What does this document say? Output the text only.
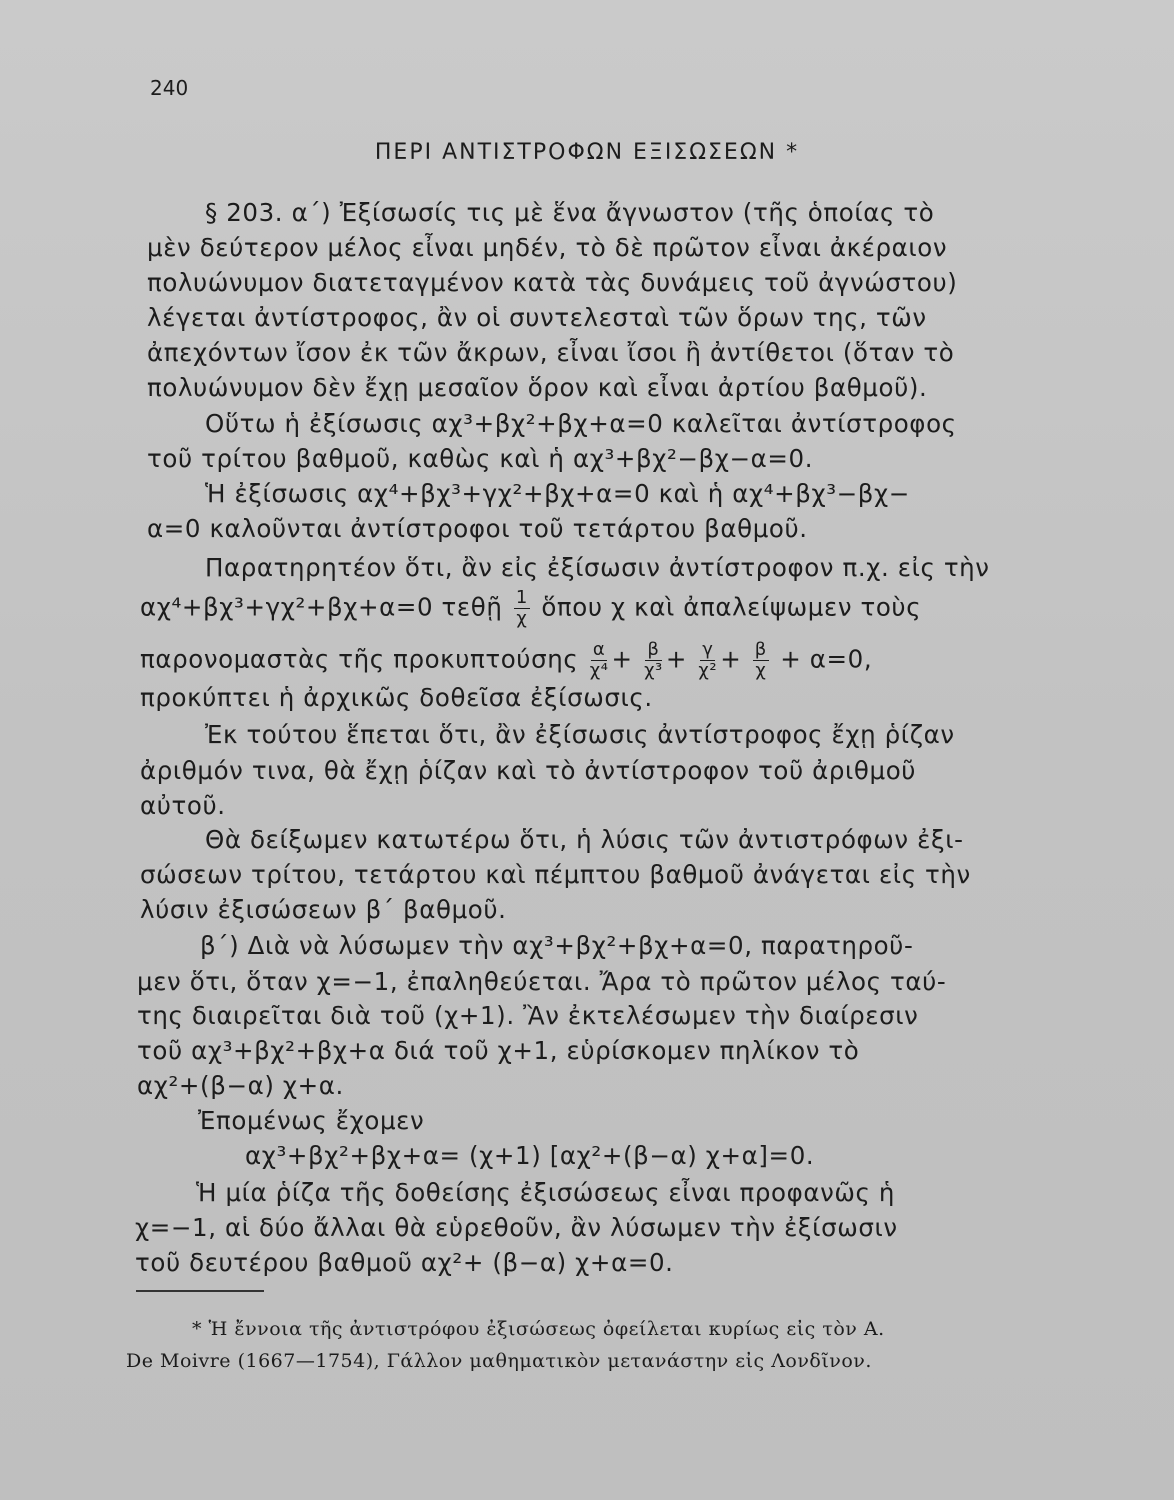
240
ΠΕΡΙ ΑΝΤΙΣΤΡΟΦΩΝ ΕΞΙΣΩΣΕΩΝ *
§ 203. α΄) Ἐξίσωσίς τις μὲ ἕνα ἄγνωστον (τῆς ὁποίας τὸ
μὲν δεύτερον μέλος εἶναι μηδέν, τὸ δὲ πρῶτον εἶναι ἀκέραιον
πολυώνυμον διατεταγμένον κατὰ τὰς δυνάμεις τοῦ ἀγνώστου)
λέγεται ἀντίστροφος, ἂν οἱ συντελεσταὶ τῶν ὅρων της, τῶν
ἀπεχόντων ἴσον ἐκ τῶν ἄκρων, εἶναι ἴσοι ἢ ἀντίθετοι (ὅταν τὸ
πολυώνυμον δὲν ἔχῃ μεσαῖον ὅρον καὶ εἶναι ἀρτίου βαθμοῦ).
Οὕτω ἡ ἐξίσωσις αχ³+βχ²+βχ+α=0 καλεῖται ἀντίστροφος
τοῦ τρίτου βαθμοῦ, καθὼς καὶ ἡ αχ³+βχ²−βχ−α=0.
Ἡ ἐξίσωσις αχ⁴+βχ³+γχ²+βχ+α=0 καὶ ἡ αχ⁴+βχ³−βχ−
α=0 καλοῦνται ἀντίστροφοι τοῦ τετάρτου βαθμοῦ.
Παρατηρητέον ὅτι, ἂν εἰς ἐξίσωσιν ἀντίστροφον π.χ. εἰς τὴν
αχ⁴+βχ³+γχ²+βχ+α=0 τεθῇ $\frac{1}{\chi}$ ὅπου χ καὶ ἀπαλείψωμεν τοὺς
παρονομαστὰς τῆς προκυπτούσης $\frac{\alpha}{\text{χ⁴}} + \frac{\beta}{\text{χ³}} + \frac{\gamma}{\text{χ²}} + \frac{\beta}{\chi} + \alpha=0$,
προκύπτει ἡ ἀρχικῶς δοθεῖσα ἐξίσωσις.
Ἐκ τούτου ἕπεται ὅτι, ἂν ἐξίσωσις ἀντίστροφος ἔχῃ ῥίζαν
ἀριθμόν τινα, θὰ ἔχῃ ῥίζαν καὶ τὸ ἀντίστροφον τοῦ ἀριθμοῦ
αὐτοῦ.
Θὰ δείξωμεν κατωτέρω ὅτι, ἡ λύσις τῶν ἀντιστρόφων ἐξι-
σώσεων τρίτου, τετάρτου καὶ πέμπτου βαθμοῦ ἀνάγεται εἰς τὴν
λύσιν ἐξισώσεων β΄ βαθμοῦ.
β΄) Διὰ νὰ λύσωμεν τὴν αχ³+βχ²+βχ+α=0, παρατηροῦ-
μεν ὅτι, ὅταν χ=−1, ἐπαληθεύεται. Ἄρα τὸ πρῶτον μέλος ταύ-
της διαιρεῖται διὰ τοῦ (χ+1). Ἂν ἐκτελέσωμεν τὴν διαίρεσιν
τοῦ αχ³+βχ²+βχ+α διά τοῦ χ+1, εὑρίσκομεν πηλίκον τὸ
αχ²+(β−α) χ+α.
Ἐπομένως ἔχομεν
αχ³+βχ²+βχ+α= (χ+1) [αχ²+(β−α) χ+α]=0.
Ἡ μία ῥίζα τῆς δοθείσης ἐξισώσεως εἶναι προφανῶς ἡ
χ=−1, αἱ δύο ἄλλαι θὰ εὑρεθοῦν, ἂν λύσωμεν τὴν ἐξίσωσιν
τοῦ δευτέρου βαθμοῦ αχ²+ (β−α) χ+α=0.
* Ἡ ἔννοια τῆς ἀντιστρόφου ἐξισώσεως ὀφείλεται κυρίως εἰς τὸν A.
De Moivre (1667—1754), Γάλλον μαθηματικὸν μετανάστην εἰς Λονδῖνον.
